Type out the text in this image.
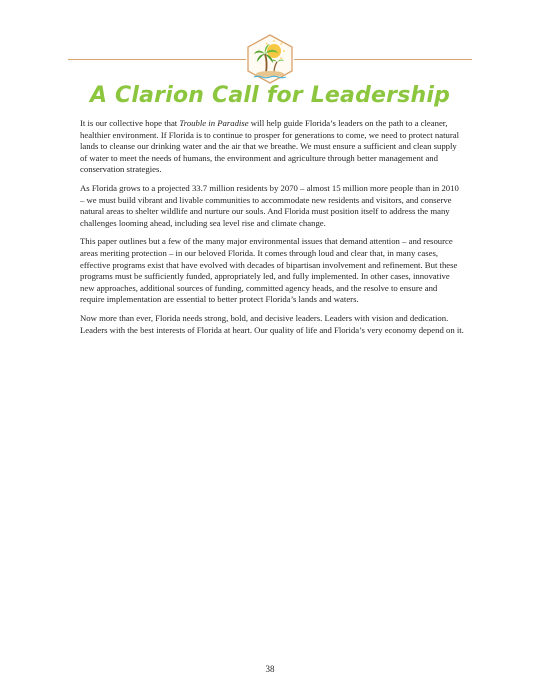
A Clarion Call for Leadership

It is our collective hope that Trouble in Paradise will help guide Florida’s leaders on the path to a cleaner, healthier environment. If Florida is to continue to prosper for generations to come, we need to protect natural lands to cleanse our drinking water and the air that we breathe. We must ensure a sufficient and clean supply of water to meet the needs of humans, the environment and agriculture through better management and conservation strategies.

As Florida grows to a projected 33.7 million residents by 2070 – almost 15 million more people than in 2010 – we must build vibrant and livable communities to accommodate new residents and visitors, and conserve natural areas to shelter wildlife and nurture our souls. And Florida must position itself to address the many challenges looming ahead, including sea level rise and climate change.

This paper outlines but a few of the many major environmental issues that demand attention – and resource areas meriting protection – in our beloved Florida. It comes through loud and clear that, in many cases, effective programs exist that have evolved with decades of bipartisan involvement and refinement. But these programs must be sufficiently funded, appropriately led, and fully implemented. In other cases, innovative new approaches, additional sources of funding, committed agency heads, and the resolve to ensure and require implementation are essential to better protect Florida’s lands and waters.

Now more than ever, Florida needs strong, bold, and decisive leaders. Leaders with vision and dedication. Leaders with the best interests of Florida at heart. Our quality of life and Florida’s very economy depend on it.

38
